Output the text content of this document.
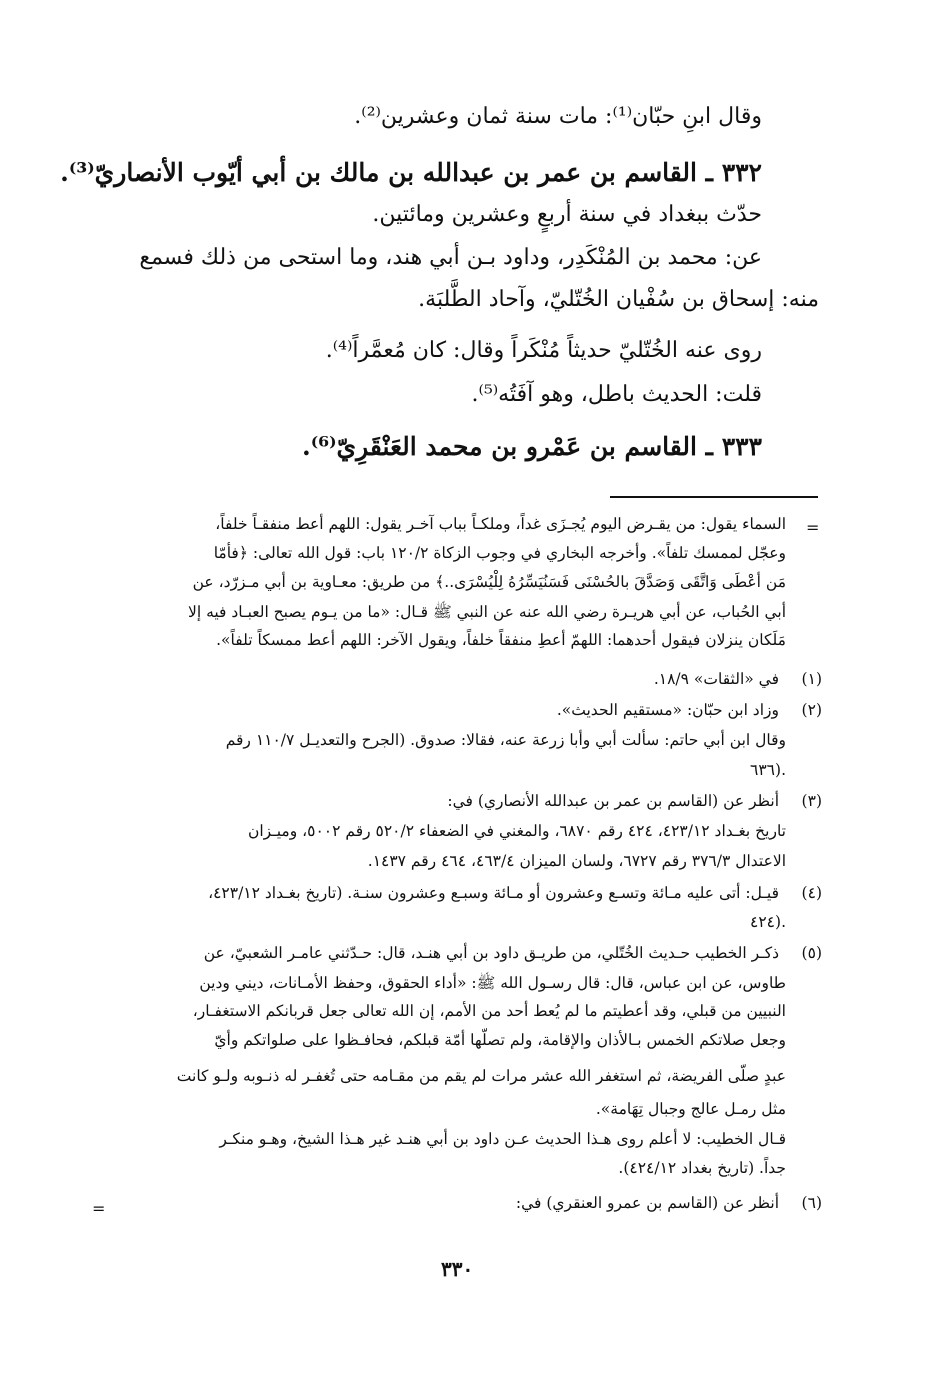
وقال ابنِ حبّان⁽¹⁾: مات سنة ثمان وعشرين⁽²⁾.
٣٣٢ ـ القاسم بن عمر بن عبدالله بن مالك بن أبي أيّوب الأنصاريّ⁽³⁾.
حدّث ببغداد في سنة أربعٍ وعشرين ومائتين.
عن: محمد بن المُنْكَدِر، وداود بـن أبي هند، وما استحى من ذلك فسمع
منه: إسحاق بن سُفْيان الخُتّليّ، وآحاد الطَّلبَة.
روى عنه الخُتّليّ حديثاً مُنْكَراً وقال: كان مُعمَّراً⁽⁴⁾.
قلت: الحديث باطل، وهو آفَتُه⁽⁵⁾.
٣٣٣ ـ القاسم بن عَمْرو بن محمد العَنْقَرِيّ⁽⁶⁾.
=
السماء يقول: من يقـرض اليوم يُجـزَى غداً، وملكـاً بباب آخـر يقول: اللهم أعط منفقـاً خلفاً،
وعجّل لممسك تلفاً». وأخرجه البخاري في وجوب الزكاة ١٢٠/٢ باب: قول الله تعالى: ﴿فأمّا
مَن أعْطَى وَاتَّقَى وَصَدَّقَ بالحُسْنَى فَسَنُيَسِّرُهُ لِلْيُسْرَى..﴾ من طريق: معـاوية بن أبي مـزرّد، عن
أبي الحُباب، عن أبي هريـرة رضي الله عنه عن النبي ﷺ قـال: «ما من يـوم يصبح العبـاد فيه إلا
مَلَكان ينزلان فيقول أحدهما: اللهمّ أعطِ منفقاً خلفاً، ويقول الآخر: اللهم أعط ممسكاً تلفاً».
(١)
في «الثقات» ١٨/٩.
(٢)
وزاد ابن حبّان: «مستقيم الحديث».
وقال ابن أبي حاتم: سألت أبي وأبا زرعة عنه، فقالا: صدوق. (الجرح والتعديـل ١١٠/٧ رقم
٦٣٦).
(٣)
أنظر عن (القاسم بن عمر بن عبدالله الأنصاري) في:
تاريخ بغـداد ٤٢٣/١٢، ٤٢٤ رقم ٦٨٧٠، والمغني في الضعفاء ٥٢٠/٢ رقم ٥٠٠٢، وميـزان
الاعتدال ٣٧٦/٣ رقم ٦٧٢٧، ولسان الميزان ٤٦٣/٤، ٤٦٤ رقم ١٤٣٧.
(٤)
قيـل: أتى عليه مـائة وتسـع وعشرون أو مـائة وسبـع وعشرون سنـة. (تاريخ بغـداد ٤٢٣/١٢،
٤٢٤).
(٥)
ذكـر الخطيب حـديث الخُتّلي، من طريـق داود بن أبي هنـد، قال: حـدّثني عامـر الشعبيّ، عن
طاوس، عن ابن عباس، قال: قال رسـول الله ﷺ: «أداء الحقوق، وحفظ الأمـانات، ديني ودين
النبيين من قبلي، وقد أعطيتم ما لم يُعط أحد من الأمم، إن الله تعالى جعل قربانكم الاستغفـار،
وجعل صلاتكم الخمس بـالأذان والإقامة، ولم تصلّها أمّة قبلكم، فحافـظوا على صلواتكم وأيّ
عبدٍ صلّى الفريضة، ثم استغفر الله عشر مرات لم يقم من مقـامه حتى تُغفـر له ذنـوبه ولـو كانت
مثل رمـل عالج وجبال تِهَامة».
قـال الخطيب: لا أعلم روى هـذا الحديث عـن داود بن أبي هنـد غير هـذا الشيخ، وهـو منكـر
جداً. (تاريخ بغداد ٤٢٤/١٢).
(٦)
أنظر عن (القاسم بن عمرو العنقري) في:
=
٣٣٠
